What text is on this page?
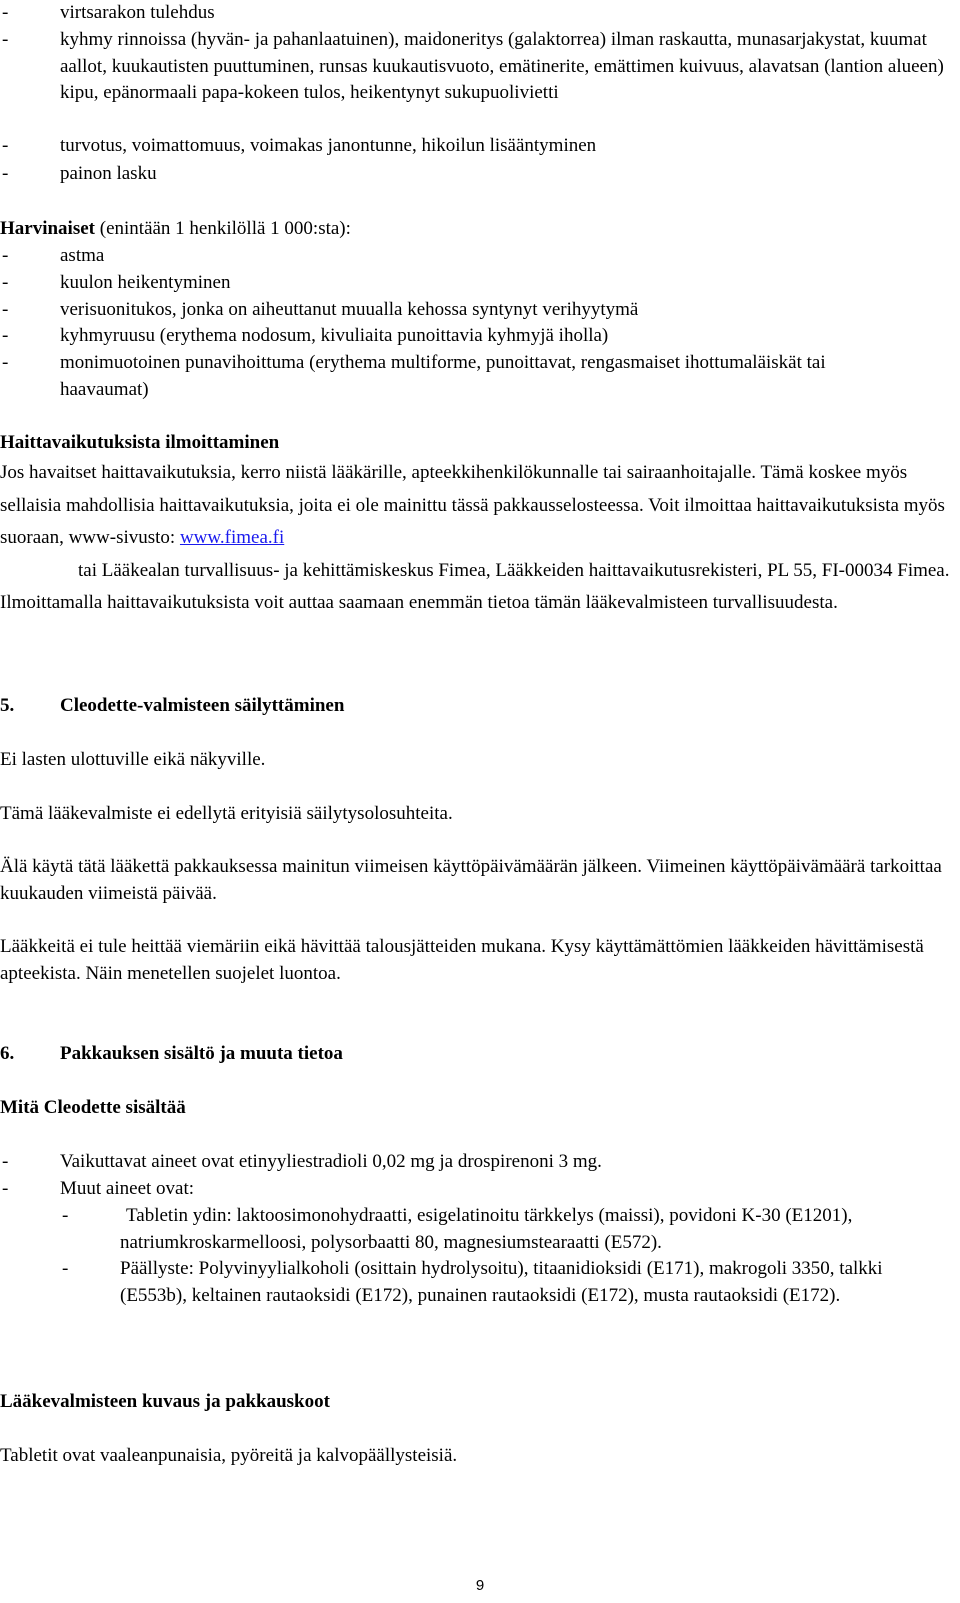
-	virtsarakon tulehdus
-	kyhmy rinnoissa (hyvän- ja pahanlaatuinen), maidoneritys (galaktorrea) ilman raskautta, munasarjakystat, kuumat aallot, kuukautisten puuttuminen, runsas kuukautisvuoto, emätinerite, emättimen kuivuus, alavatsan (lantion alueen) kipu, epänormaali papa-kokeen tulos, heikentynyt sukupuolivietti
-	turvotus, voimattomuus, voimakas janontunne, hikoilun lisääntyminen
-	painon lasku
Harvinaiset (enintään 1 henkilöllä 1 000:sta):
-	astma
-	kuulon heikentyminen
-	verisuonitukos, jonka on aiheuttanut muualla kehossa syntynyt verihyytymä
-	kyhmyruusu (erythema nodosum, kivuliaita punoittavia kyhmyjä iholla)
-	monimuotoinen punavihoittuma (erythema multiforme, punoittavat, rengasmaiset ihottumaläiskät tai haavaumat)
Haittavaikutuksista ilmoittaminen
Jos havaitset haittavaikutuksia, kerro niistä lääkärille, apteekkihenkilökunnalle tai sairaanhoitajalle. Tämä koskee myös sellaisia mahdollisia haittavaikutuksia, joita ei ole mainittu tässä pakkausselosteessa. Voit ilmoittaa haittavaikutuksista myös suoraan, www-sivusto: www.fimea.fi
tai Lääkealan turvallisuus- ja kehittämiskeskus Fimea, Lääkkeiden haittavaikutusrekisteri, PL 55, FI-00034 Fimea. Ilmoittamalla haittavaikutuksista voit auttaa saamaan enemmän tietoa tämän lääkevalmisteen turvallisuudesta.
5. Cleodette-valmisteen säilyttäminen
Ei lasten ulottuville eikä näkyville.
Tämä lääkevalmiste ei edellytä erityisiä säilytysolosuhteita.
Älä käytä tätä lääkettä pakkauksessa mainitun viimeisen käyttöpäivämäärän jälkeen. Viimeinen käyttöpäivämäärä tarkoittaa kuukauden viimeistä päivää.
Lääkkeitä ei tule heittää viemäriin eikä hävittää talousjätteiden mukana. Kysy käyttämättömien lääkkeiden hävittämisestä apteekista. Näin menetellen suojelet luontoa.
6. Pakkauksen sisältö ja muuta tietoa
Mitä Cleodette sisältää
-	Vaikuttavat aineet ovat etinyyliestradioli 0,02 mg ja drospirenoni 3 mg.
-	Muut aineet ovat:
-	Tabletin ydin: laktoosimonohydraatti, esigelatinoitu tärkkelys (maissi), povidoni K-30 (E1201), natriumkroskarmelloosi, polysorbaatti 80, magnesiumstearaatti (E572).
-	Päällyste: Polyvinyylialkoholi (osittain hydrolysoitu), titaanidioksidi (E171), makrogoli 3350, talkki (E553b), keltainen rautaoksidi (E172), punainen rautaoksidi (E172), musta rautaoksidi (E172).
Lääkevalmisteen kuvaus ja pakkauskoot
Tabletit ovat vaaleanpunaisia, pyöreitä ja kalvopäällysteisiä.
9
